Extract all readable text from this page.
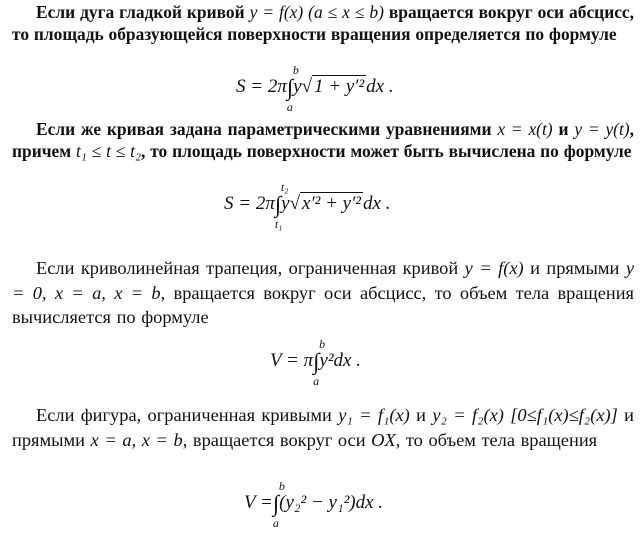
Если дуга гладкой кривой y = f(x) (a ≤ x ≤ b) вращается вокруг оси абсцисс, то площадь образующейся поверхности вращения определяется по формуле

S = 2π∫
b
a
y√ 1 + y′² dx .

Если же кривая задана параметрическими уравнениями x = x(t) и y = y(t), причем t₁ ≤ t ≤ t₂, то площадь поверхности может быть вычислена по формуле

S = 2π∫
t₂
t₁
y√ x′² + y′² dx .

Если криволинейная трапеция, ограниченная кривой y = f(x) и прямыми y = 0, x = a, x = b, вращается вокруг оси абсцисс, то объем тела вращения вычисляется по формуле

V = π∫
b
a
y²dx .

Если фигура, ограниченная кривыми y₁ = f₁(x) и y₂ = f₂(x) [0≤f₁(x)≤f₂(x)] и прямыми x = a, x = b, вращается вокруг оси OX, то объем тела вращения

V =∫
b
a
(y₂² − y₁²)dx .
